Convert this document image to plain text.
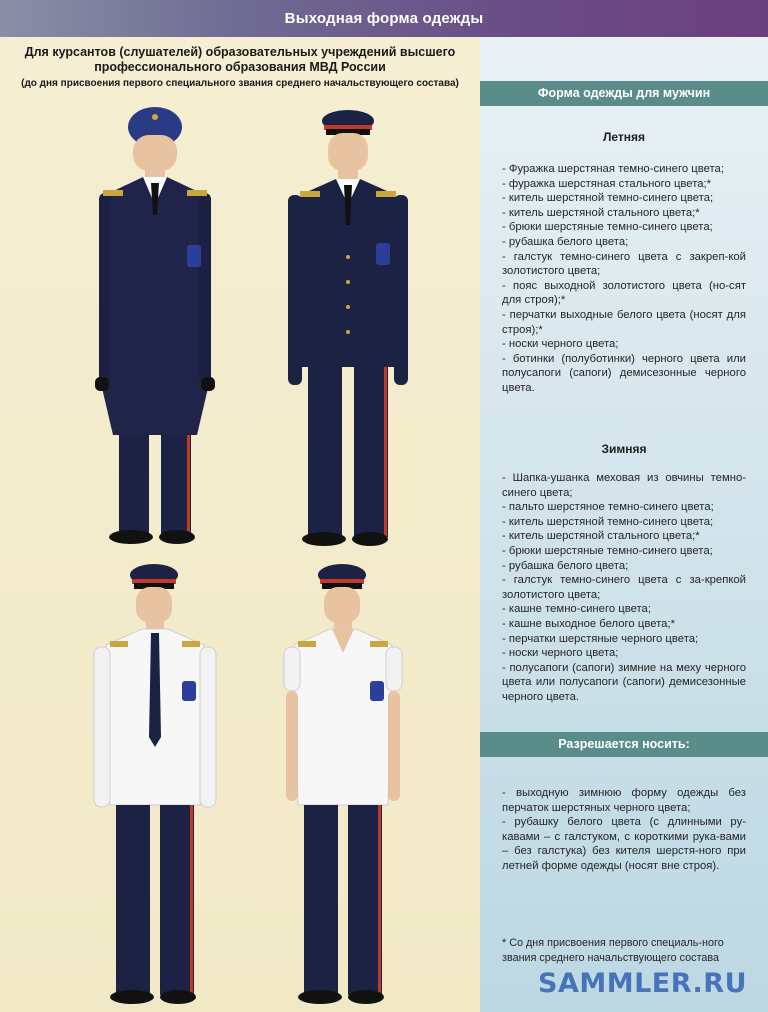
Выходная форма одежды
Для курсантов (слушателей) образовательных учреждений высшего профессионального образования МВД России
(до дня присвоения первого специального звания среднего начальствующего состава)
Форма одежды для мужчин
Летняя
- Фуражка шерстяная темно-синего цвета;
- фуражка шерстяная стального цвета;*
- китель шерстяной темно-синего цвета;
- китель шерстяной стального цвета;*
- брюки шерстяные темно-синего цвета;
- рубашка белого цвета;
- галстук темно-синего цвета с закреп-кой золотистого цвета;
- пояс выходной золотистого цвета (но-сят для строя);*
- перчатки выходные белого цвета (носят для строя);*
- носки черного цвета;
- ботинки (полуботинки) черного цвета или полусапоги (сапоги) демисезонные черного цвета.
Зимняя
- Шапка-ушанка меховая из овчины темно-синего цвета;
- пальто шерстяное темно-синего цвета;
- китель шерстяной темно-синего цвета;
- китель шерстяной стального цвета;*
- брюки шерстяные темно-синего цвета;
- рубашка белого цвета;
- галстук темно-синего цвета с за-крепкой золотистого цвета;
- кашне темно-синего цвета;
- кашне выходное белого цвета;*
- перчатки шерстяные черного цвета;
- носки черного цвета;
- полусапоги (сапоги) зимние на меху черного цвета или полусапоги (сапоги) демисезонные черного цвета.
Разрешается носить:
- выходную зимнюю форму одежды без перчаток шерстяных черного цвета;
- рубашку белого цвета (с длинными ру-кавами – с галстуком, с короткими рука-вами – без галстука) без кителя шерстя-ного при летней форме одежды (носят вне строя).
* Со дня присвоения первого специаль-ного звания среднего начальствующего состава
SAMMLER.RU
